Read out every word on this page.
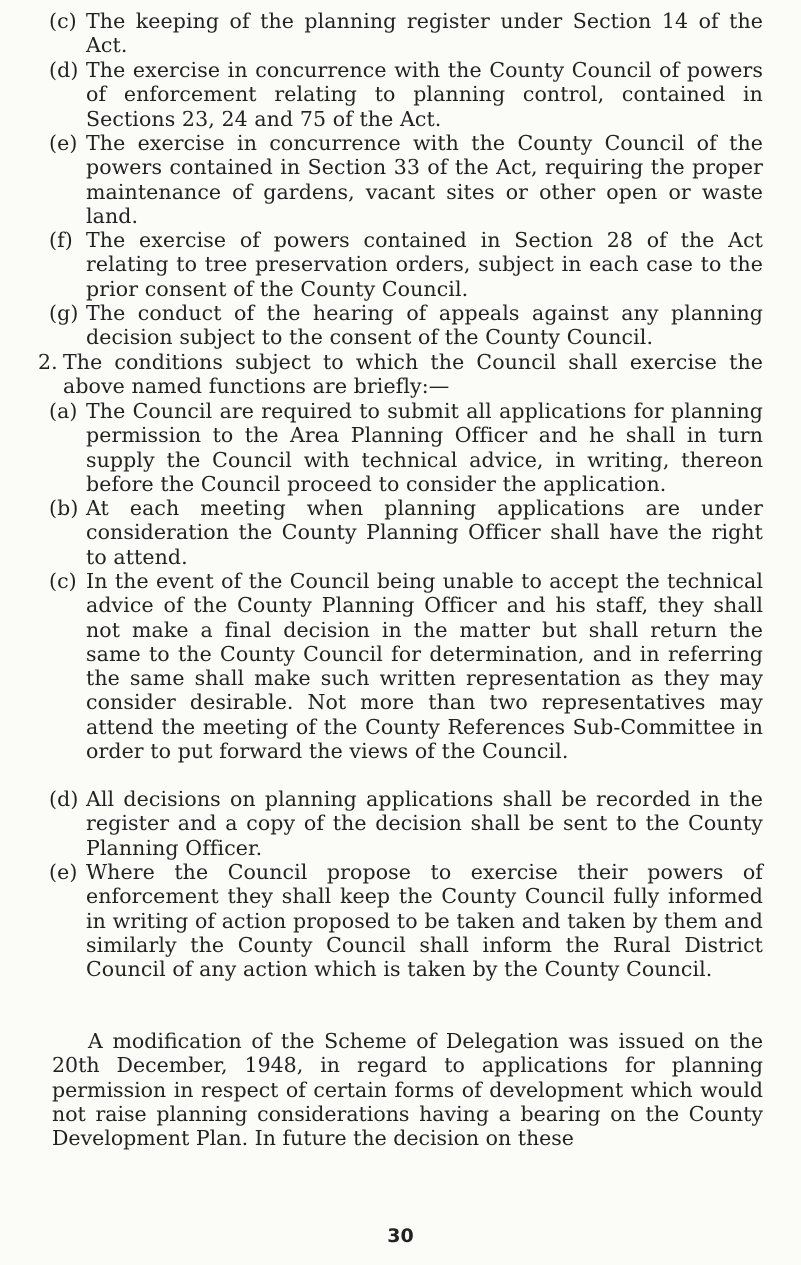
(c) The keeping of the planning register under Section 14 of the Act.
(d) The exercise in concurrence with the County Council of powers of enforcement relating to planning control, contained in Sections 23, 24 and 75 of the Act.
(e) The exercise in concurrence with the County Council of the powers contained in Section 33 of the Act, requiring the proper maintenance of gardens, vacant sites or other open or waste land.
(f) The exercise of powers contained in Section 28 of the Act relating to tree preservation orders, subject in each case to the prior consent of the County Council.
(g) The conduct of the hearing of appeals against any planning decision subject to the consent of the County Council.
2. The conditions subject to which the Council shall exercise the above named functions are briefly:—
(a) The Council are required to submit all applications for planning permission to the Area Planning Officer and he shall in turn supply the Council with technical advice, in writing, thereon before the Council proceed to consider the application.
(b) At each meeting when planning applications are under consideration the County Planning Officer shall have the right to attend.
(c) In the event of the Council being unable to accept the technical advice of the County Planning Officer and his staff, they shall not make a final decision in the matter but shall return the same to the County Council for determination, and in referring the same shall make such written representation as they may consider desirable. Not more than two representatives may attend the meeting of the County References Sub-Committee in order to put forward the views of the Council.
(d) All decisions on planning applications shall be recorded in the register and a copy of the decision shall be sent to the County Planning Officer.
(e) Where the Council propose to exercise their powers of enforcement they shall keep the County Council fully informed in writing of action proposed to be taken and taken by them and similarly the County Council shall inform the Rural District Council of any action which is taken by the County Council.
A modification of the Scheme of Delegation was issued on the 20th December, 1948, in regard to applications for planning permission in respect of certain forms of development which would not raise planning considerations having a bearing on the County Development Plan. In future the decision on these
30
